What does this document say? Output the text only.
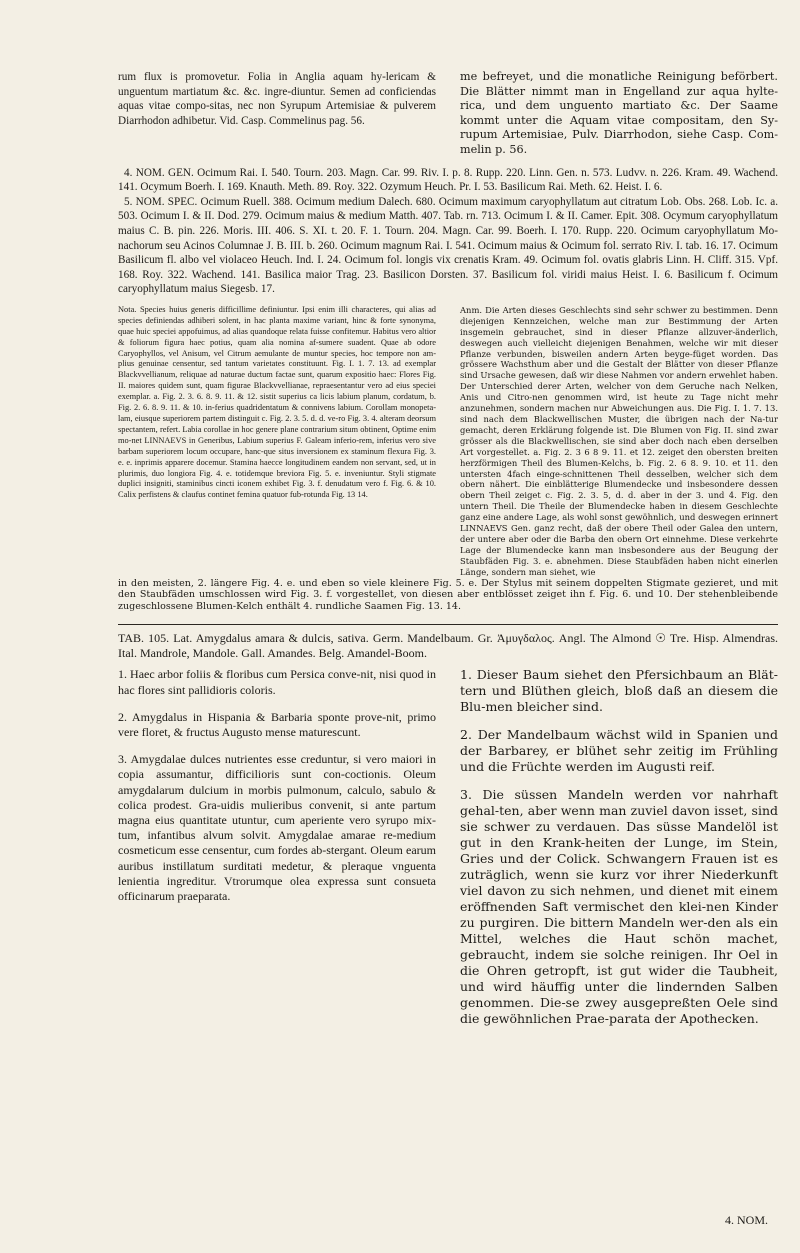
rum flux is promovetur. Folia in Anglia aquam hy-lericam & unguentum martiatum &c. &c. ingre-diuntur. Semen ad conficiendas aquas vitae compo-sitas, nec non Syrupum Artemisiae & pulverem Diarrhodon adhibetur. Vid. Casp. Commelinus pag. 56.

me befreyet, und die monatliche Reinigung beförbert. Die Blätter nimmt man in Engelland zur aqua hylte-rica, und dem unguento martiato &c. Der Saame kommt unter die Aquam vitae compositam, den Sy-rupum Artemisiae, Pulv. Diarrhodon, siehe Casp. Com-melin p. 56.

4. NOM. GEN. Ocimum Rai. I. 540. Tourn. 203. Magn. Car. 99. Riv. I. p. 8. Rupp. 220. Linn. Gen. n. 573. Ludvv. n. 226. Kram. 49. Wachend. 141. Ocymum Boerh. I. 169. Knauth. Meth. 89. Roy. 322. Ozymum Heuch. Pr. I. 53. Basilicum Rai. Meth. 62. Heist. I. 6.

5. NOM. SPEC. Ocimum Ruell. 388. Ocimum medium Dalech. 680. Ocimum maximum caryophyllatum aut citratum Lob. Obs. 268. Lob. Ic. a. 503. Ocimum I. & II. Dod. 279. Ocimum maius & medium Matth. 407. Tab. rn. 713. Ocimum I. & II. Camer. Epit. 308. Ocymum caryophyllatum maius C. B. pin. 226. Moris. III. 406. S. XI. t. 20. F. 1. Tourn. 204. Magn. Car. 99. Boerh. I. 170. Rupp. 220. Ocimum caryophyllatum Mo-nachorum seu Acinos Columnae J. B. III. b. 260. Ocimum magnum Rai. I. 541. Ocimum maius & Ocimum fol. serrato Riv. I. tab. 16. 17. Ocimum Basilicum fl. albo vel violaceo Heuch. Ind. I. 24. Ocimum fol. longis vix crenatis Kram. 49. Ocimum fol. ovatis glabris Linn. H. Cliff. 315. Vpf. 168. Roy. 322. Wachend. 141. Basilica maior Trag. 23. Basilicon Dorsten. 37. Basilicum fol. viridi maius Heist. I. 6. Basilicum f. Ocimum caryophyllatum maius Siegesb. 17.

Nota. Species huius generis difficillime definiuntur. Ipsi enim illi characteres, qui alias ad species definiendas adhiberi solent, in hac planta maxime variant, hinc & forte synonyma, quae huic speciei appofuimus, ad alias quandoque relata fuisse confitemur. Habitus vero altior & foliorum figura haec potius, quam alia nomina af-sumere suadent. Quae ab odore Caryophyllos, vel Anisum, vel Citrum aemulante de muntur species, hoc tempore non am-plius genuinae censentur, sed tantum varietates constituunt. Fig. I. 1. 7. 13. ad exemplar Blackvvellianum, reliquae ad naturae ductum factae sunt, quarum expositio haec: Flores Fig. II. maiores quidem sunt, quam figurae Blackvvellianae, repraesentantur vero ad eius speciei exemplar. a. Fig. 2. 3. 6. 8. 9. 11. & 12. sistit superius ca licis labium planum, cordatum, b. Fig. 2. 6. 8. 9. 11. & 10. in-ferius quadridentatum & connivens labium. Corollam monopeta-lam, eiusque superiorem partem distinguit c. Fig. 2. 3. 5. d. d. ve-ro Fig. 3. 4. alteram deorsum spectantem, refert. Labia corollae in hoc genere plane contrarium situm obtinent, Optime enim mo-net LINNAEVS in Generibus, Labium superius F. Galeam inferio-rem, inferius vero sive barbam superiorem locum occupare, hanc-que situs inversionem ex staminum flexura Fig. 3. e. e. inprimis apparere docemur. Stamina haecce longitudinem eandem non servant, sed, ut in plurimis, duo longiora Fig. 4. e. totidemque breviora Fig. 5. e. inveniuntur. Styli stigmate duplici insigniti, staminibus cincti iconem exhibet Fig. 3. f. denudatum vero f. Fig. 6. & 10. Calix perfistens & claufus continet femina quatuor fub-rotunda Fig. 13 14.

Anm. Die Arten dieses Geschlechts sind sehr schwer zu bestimmen. Denn diejenigen Kennzeichen, welche man zur Bestimmung der Arten insgemein gebrauchet, sind in dieser Pflanze allzuver-änderlich, deswegen auch vielleicht diejenigen Benahmen, welche wir mit dieser Pflanze verbunden, bisweilen andern Arten beyge-füget worden. Das grössere Wachsthum aber und die Gestalt der Blätter von dieser Pflanze sind Ursache gewesen, daß wir diese Nahmen vor andern erwehlet haben. Der Unterschied derer Arten, welcher von dem Geruche nach Nelken, Anis und Citro-nen genommen wird, ist heute zu Tage nicht mehr anzunehmen, sondern machen nur Abweichungen aus. Die Fig. I. 1. 7. 13. sind nach dem Blackwellischen Muster, die übrigen nach der Na-tur gemacht, deren Erklärung folgende ist. Die Blumen von Fig. II. sind zwar grösser als die Blackwellischen, sie sind aber doch nach eben derselben Art vorgestellet. a. Fig. 2. 3 6 8 9. 11. et 12. zeiget den obersten breiten herzförmigen Theil des Blumen-Kelchs, b. Fig. 2. 6 8. 9. 10. et 11. den untersten 4fach einge-schnittenen Theil desselben, welcher sich dem obern nähert. Die einblätterige Blumendecke und insbesondere dessen obern Theil zeiget c. Fig. 2. 3. 5, d. d. aber in der 3. und 4. Fig. den untern Theil. Die Theile der Blumendecke haben in diesem Geschlechte ganz eine andere Lage, als wohl sonst gewöhnlich, und deswegen erinnert LINNAEVS Gen. ganz recht, daß der obere Theil oder Galea den untern, der untere aber oder die Barba den obern Ort einnehme. Diese verkehrte Lage der Blumendecke kann man insbesondere aus der Beugung der Staubfäden Fig. 3. e. abnehmen. Diese Staubfäden haben nicht einerlen Länge, sondern man siehet, wie

in den meisten, 2. längere Fig. 4. e. und eben so viele kleinere Fig. 5. e. Der Stylus mit seinem doppelten Stigmate gezieret, und mit den Staubfäden umschlossen wird Fig. 3. f. vorgestellet, von diesen aber entblösset zeiget ihn f. Fig. 6. und 10. Der stehenbleibende zugeschlossene Blumen-Kelch enthält 4. rundliche Saamen Fig. 13. 14.

TAB. 105. Lat. Amygdalus amara & dulcis, sativa. Germ. Mandelbaum. Gr. Ἀμυγδαλος. Angl. The Almond ☉ Tre. Hisp. Almendras. Ital. Mandrole, Mandole. Gall. Amandes. Belg. Amandel-Boom.

1. Haec arbor foliis & floribus cum Persica conve-nit, nisi quod in hac flores sint pallidioris coloris.

2. Amygdalus in Hispania & Barbaria sponte prove-nit, primo vere floret, & fructus Augusto mense maturescunt.

3. Amygdalae dulces nutrientes esse creduntur, si vero maiori in copia assumantur, difficilioris sunt con-coctionis. Oleum amygdalarum dulcium in morbis pulmonum, calculo, sabulo & colica prodest. Gra-uidis mulieribus convenit, si ante partum magna eius quantitate utuntur, cum aperiente vero syrupo mix-tum, infantibus alvum solvit. Amygdalae amarae re-medium cosmeticum esse censentur, cum fordes ab-stergant. Oleum earum auribus instillatum surditati medetur, & pleraque vnguenta lenientia ingreditur. Vtrorumque olea expressa sunt consueta officinarum praeparata.

1. Dieser Baum siehet den Pfersichbaum an Blät-tern und Blüthen gleich, bloß daß an diesem die Blu-men bleicher sind.

2. Der Mandelbaum wächst wild in Spanien und der Barbarey, er blühet sehr zeitig im Frühling und die Früchte werden im Augusti reif.

3. Die süssen Mandeln werden vor nahrhaft gehal-ten, aber wenn man zuviel davon isset, sind sie schwer zu verdauen. Das süsse Mandelöl ist gut in den Krank-heiten der Lunge, im Stein, Gries und der Colick. Schwangern Frauen ist es zuträglich, wenn sie kurz vor ihrer Niederkunft viel davon zu sich nehmen, und dienet mit einem eröffnenden Saft vermischet den klei-nen Kinder zu purgiren. Die bittern Mandeln wer-den als ein Mittel, welches die Haut schön machet, gebraucht, indem sie solche reinigen. Ihr Oel in die Ohren getropft, ist gut wider die Taubheit, und wird häuffig unter die lindernden Salben genommen. Die-se zwey ausgepreßten Oele sind die gewöhnlichen Prae-parata der Apothecken.

4. NOM.
